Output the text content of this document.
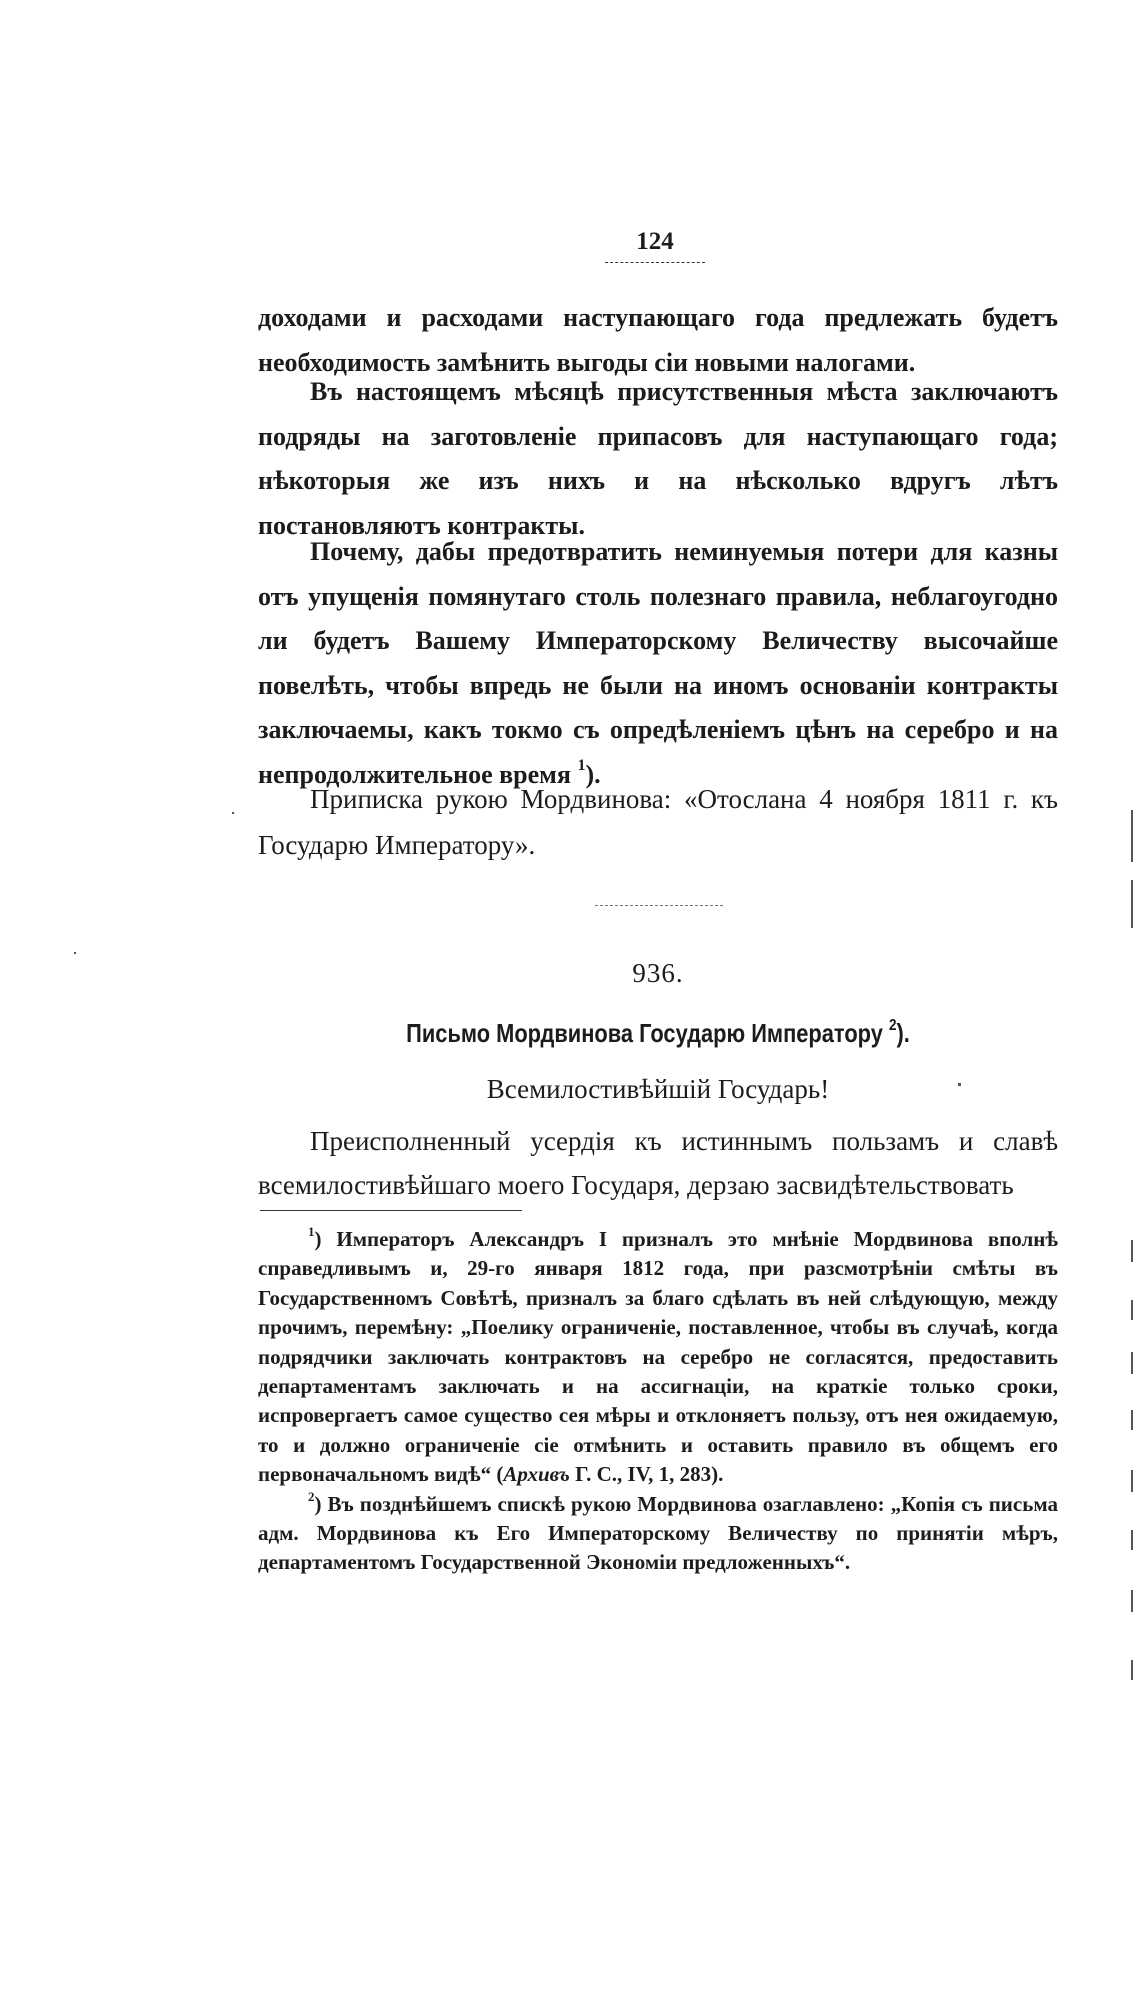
124

доходами и расходами наступающаго года предлежать будетъ необходимость замѣнить выгоды сіи новыми налогами.

Въ настоящемъ мѣсяцѣ присутственныя мѣста заключаютъ подряды на заготовленіе припасовъ для наступающаго года; нѣкоторыя же изъ нихъ и на нѣсколько вдругъ лѣтъ постановляютъ контракты.

Почему, дабы предотвратить неминуемыя потери для казны отъ упущенія помянутаго столь полезнаго правила, неблагоугодно ли будетъ Вашему Императорскому Величеству высочайше повелѣть, чтобы впредь не были на иномъ основаніи контракты заключаемы, какъ токмо съ опредѣленіемъ цѣнъ на серебро и на непродолжительное время $^1$).

Приписка рукою Мордвинова: «Отослана 4 ноября 1811 г. къ Государю Императору».

936.
Письмо Мордвинова Государю Императору $^2$).
Всемилостивѣйшій Государь!

Преисполненный усердія къ истиннымъ пользамъ и славѣ всемилостивѣйшаго моего Государя, дерзаю засвидѣтельствовать

$^1$) Императоръ Александръ I призналъ это мнѣніе Мордвинова вполнѣ справедливымъ и, 29-го января 1812 года, при разсмотрѣніи смѣты въ Государственномъ Совѣтѣ, призналъ за благо сдѣлать въ ней слѣдующую, между прочимъ, перемѣну: „Поелику ограниченіе, поставленное, чтобы въ случаѣ, когда подрядчики заключать контрактовъ на серебро не согласятся, предоставить департаментамъ заключать и на ассигнаціи, на краткіе только сроки, испровергаетъ самое существо сея мѣры и отклоняетъ пользу, отъ нея ожидаемую, то и должно ограниченіе сіе отмѣнить и оставить правило въ общемъ его первоначальномъ видѣ“ (Архивъ Г. С., IV, 1, 283).

$^2$) Въ позднѣйшемъ спискѣ рукою Мордвинова озаглавлено: „Копія съ письма адм. Мордвинова къ Его Императорскому Величеству по принятіи мѣръ, департаментомъ Государственной Экономіи предложенныхъ“.
